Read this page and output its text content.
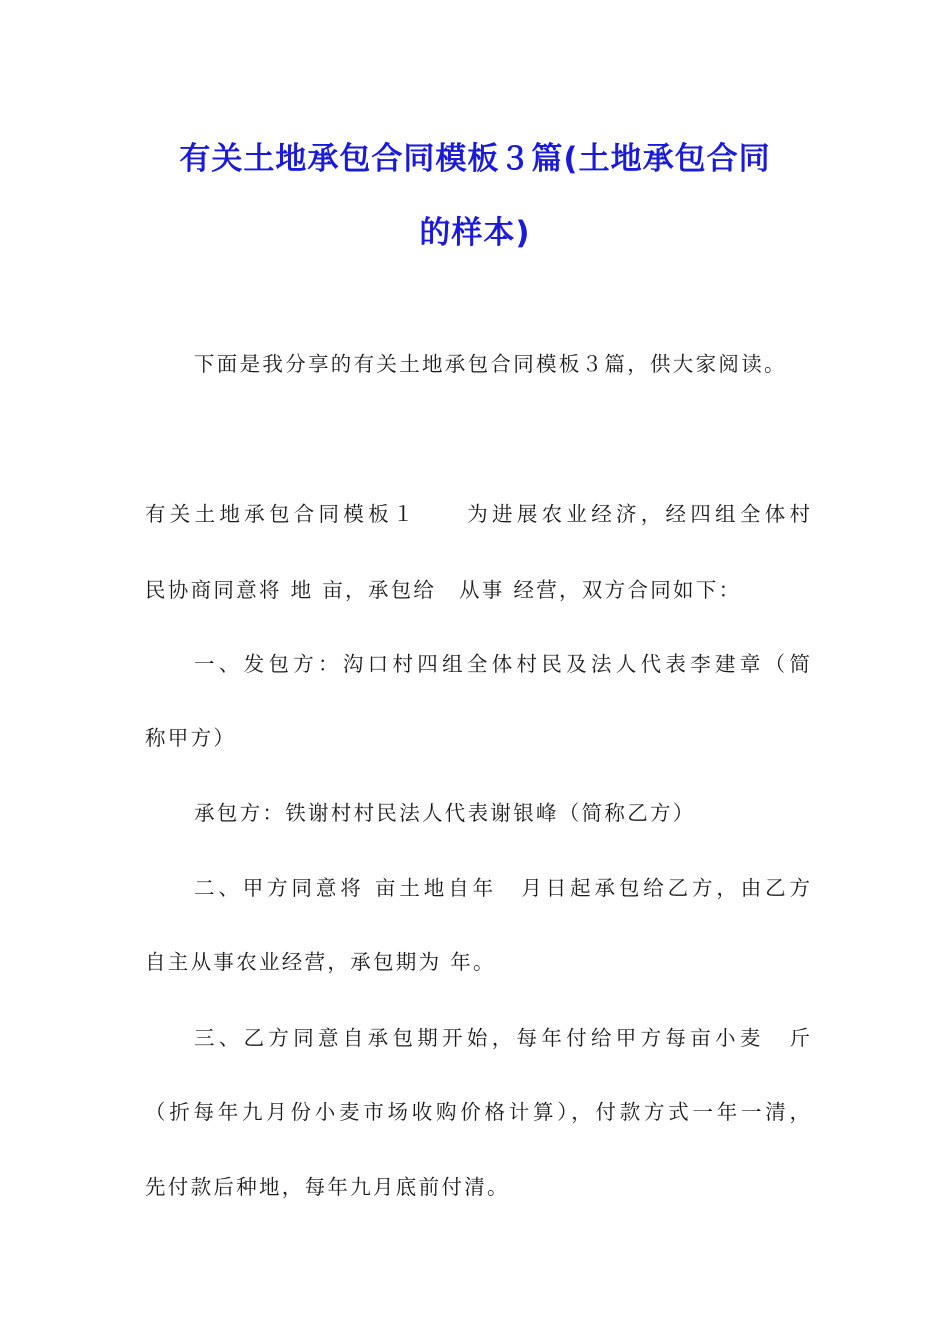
有关土地承包合同模板３篇(土地承包合同
的样本)
下面是我分享的有关土地承包合同模板３篇，供大家阅读。
有关土地承包合同模板１　　为进展农业经济，经四组全体村
民协商同意将 地 亩，承包给　从事 经营，双方合同如下：
一、发包方：沟口村四组全体村民及法人代表李建章（简
称甲方）
承包方：铁谢村村民法人代表谢银峰（简称乙方）
二、甲方同意将 亩土地自年　月日起承包给乙方，由乙方
自主从事农业经营，承包期为 年。
三、乙方同意自承包期开始，每年付给甲方每亩小麦　斤
（折每年九月份小麦市场收购价格计算），付款方式一年一清，
先付款后种地，每年九月底前付清。
